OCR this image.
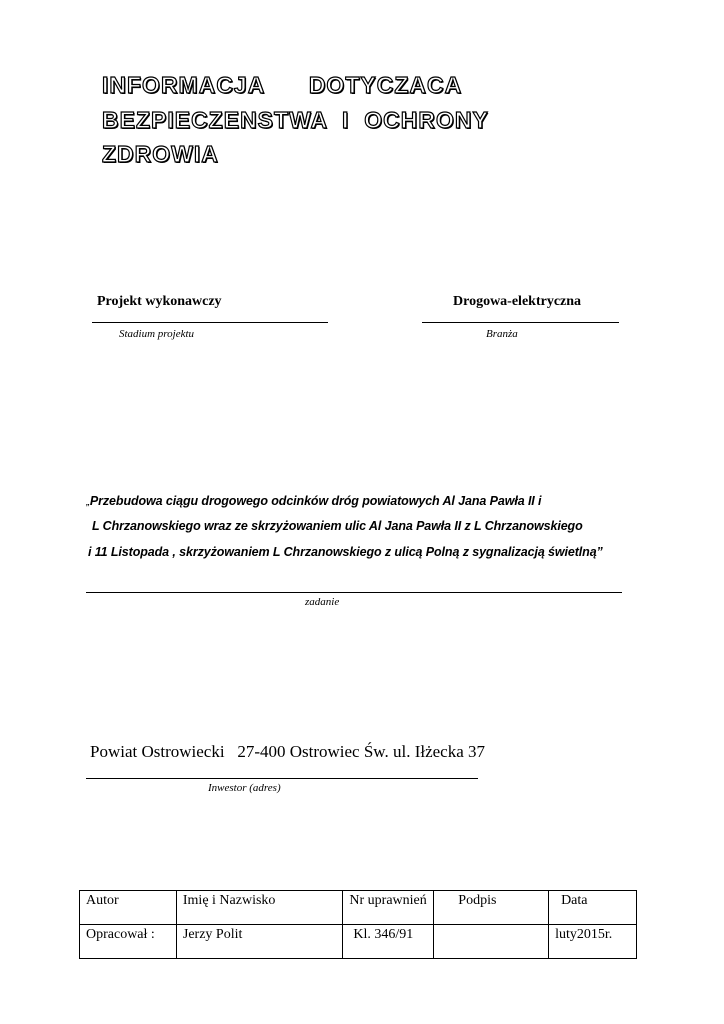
INFORMACJA      DOTYCZACA
BEZPIECZENSTWA  I  OCHRONY
ZDROWIA
Projekt wykonawczy
Stadium projektu
Drogowa-elektryczna
Branża
„Przebudowa ciągu drogowego odcinków dróg powiatowych Al Jana Pawła II i
L Chrzanowskiego wraz ze skrzyżowaniem ulic Al Jana Pawła II z L Chrzanowskiego
i 11 Listopada , skrzyżowaniem L Chrzanowskiego z ulicą Polną z sygnalizacją świetlną”
zadanie
Powiat Ostrowiecki   27-400 Ostrowiec Św. ul. Iłżecka 37
Inwestor (adres)
Autor	Imię i Nazwisko	Nr uprawnień	Podpis	Data
Opracował :	Jerzy Polit	Kl. 346/91		luty2015r.
